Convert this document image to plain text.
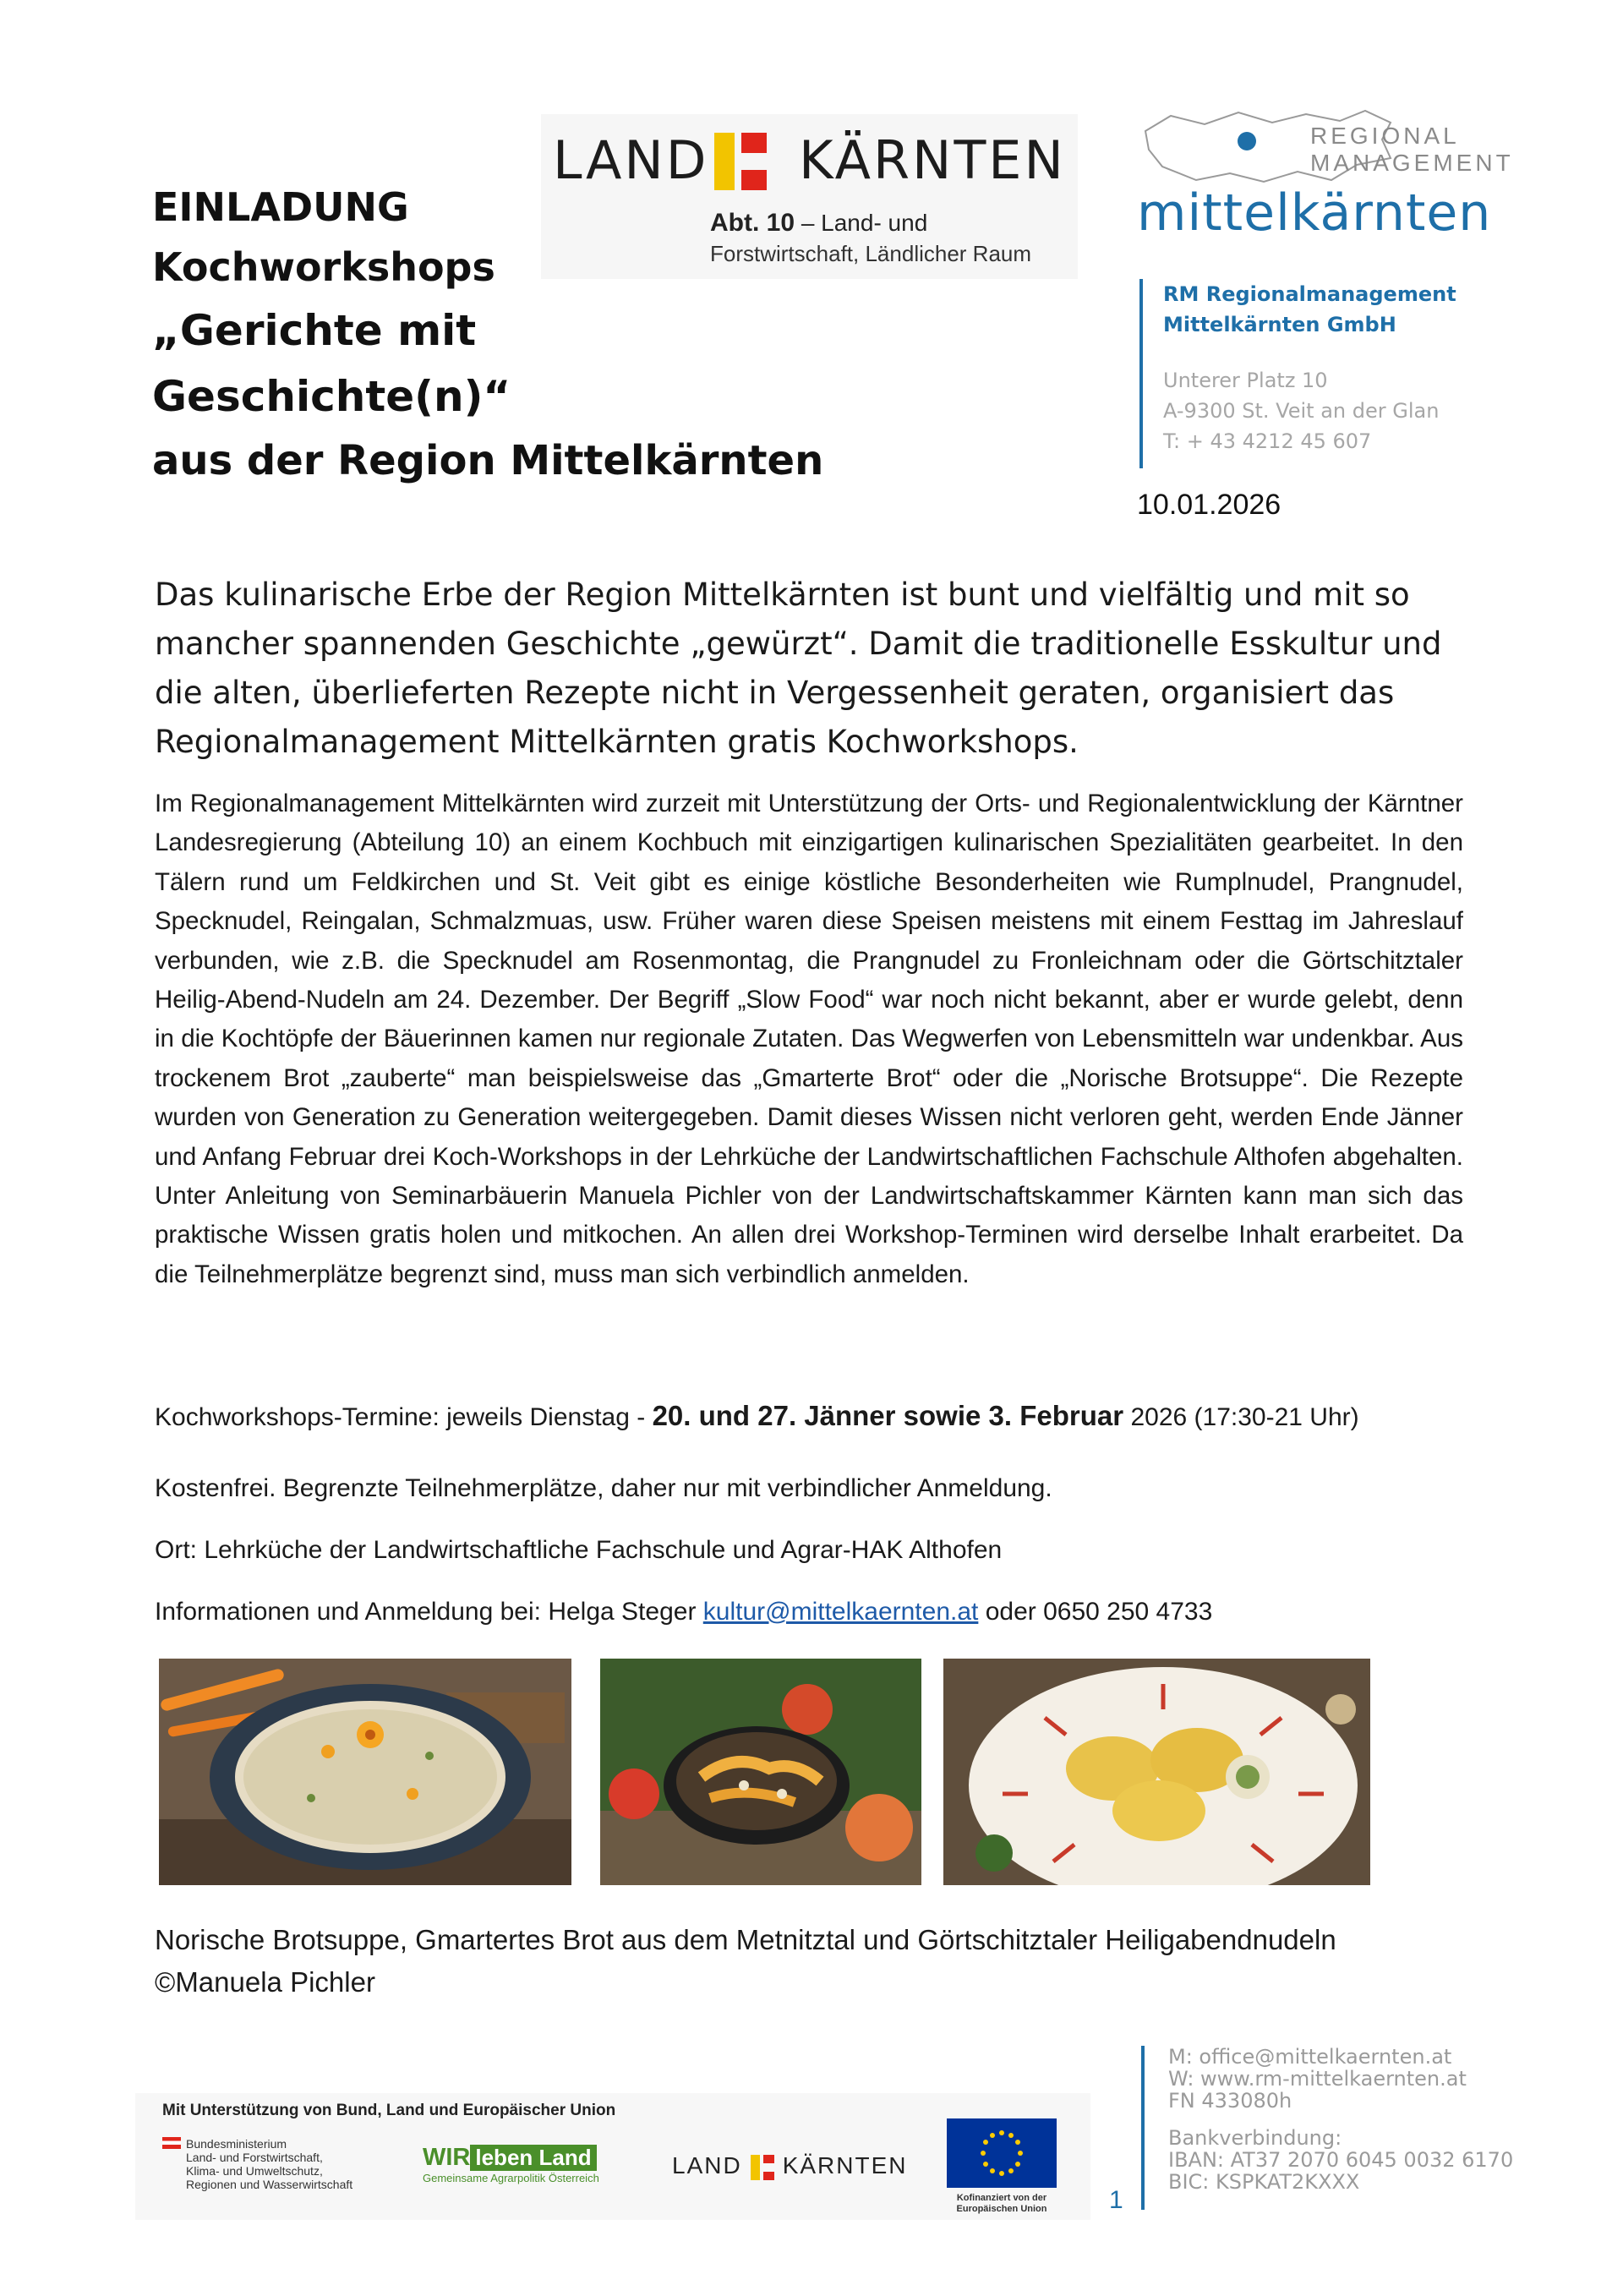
EINLADUNG
Kochworkshops
„Gerichte mit Geschichte(n)“
aus der Region Mittelkärnten
LAND KÄRNTEN
Abt. 10 – Land- und
Forstwirtschaft, Ländlicher Raum
REGIONAL
MANAGEMENT
mittelkärnten
RM Regionalmanagement
Mittelkärnten GmbH
Unterer Platz 10
A-9300 St. Veit an der Glan
T: + 43 4212 45 607
10.01.2026
Das kulinarische Erbe der Region Mittelkärnten ist bunt und vielfältig und mit so mancher spannenden Geschichte „gewürzt“. Damit die traditionelle Esskultur und die alten, überlieferten Rezepte nicht in Vergessenheit geraten, organisiert das Regionalmanagement Mittelkärnten gratis Kochworkshops.
Im Regionalmanagement Mittelkärnten wird zurzeit mit Unterstützung der Orts- und Regionalentwicklung der Kärntner Landesregierung (Abteilung 10) an einem Kochbuch mit einzigartigen kulinarischen Spezialitäten gearbeitet. In den Tälern rund um Feldkirchen und St. Veit gibt es einige köstliche Besonderheiten wie Rumplnudel, Prangnudel, Specknudel, Reingalan, Schmalzmuas, usw. Früher waren diese Speisen meistens mit einem Festtag im Jahreslauf verbunden, wie z.B. die Specknudel am Rosenmontag, die Prangnudel zu Fronleichnam oder die Görtschitztaler Heilig-Abend-Nudeln am 24. Dezember. Der Begriff „Slow Food“ war noch nicht bekannt, aber er wurde gelebt, denn in die Kochtöpfe der Bäuerinnen kamen nur regionale Zutaten. Das Wegwerfen von Lebensmitteln war undenkbar. Aus trockenem Brot „zauberte“ man beispielsweise das „Gmarterte Brot“ oder die „Norische Brotsuppe“. Die Rezepte wurden von Generation zu Generation weitergegeben. Damit dieses Wissen nicht verloren geht, werden Ende Jänner und Anfang Februar drei Koch-Workshops in der Lehrküche der Landwirtschaftlichen Fachschule Althofen abgehalten. Unter Anleitung von Seminarbäuerin Manuela Pichler von der Landwirtschaftskammer Kärnten kann man sich das praktische Wissen gratis holen und mitkochen. An allen drei Workshop-Terminen wird derselbe Inhalt erarbeitet. Da die Teilnehmerplätze begrenzt sind, muss man sich verbindlich anmelden.
Kochworkshops-Termine: jeweils Dienstag - 20. und 27. Jänner sowie 3. Februar 2026 (17:30-21 Uhr)
Kostenfrei. Begrenzte Teilnehmerplätze, daher nur mit verbindlicher Anmeldung.
Ort: Lehrküche der Landwirtschaftliche Fachschule und Agrar-HAK Althofen
Informationen und Anmeldung bei: Helga Steger kultur@mittelkaernten.at oder 0650 250 4733
Norische Brotsuppe, Gmartertes Brot aus dem Metnitztal und Görtschitztaler Heiligabendnudeln
©Manuela Pichler
Mit Unterstützung von Bund, Land und Europäischer Union
Bundesministerium
Land- und Forstwirtschaft,
Klima- und Umweltschutz,
Regionen und Wasserwirtschaft
WIR leben Land
Gemeinsame Agrarpolitik Österreich	LAND KÄRNTEN
Kofinanziert von der
Europäischen Union
M: office@mittelkaernten.at
W: www.rm-mittelkaernten.at
FN 433080h
Bankverbindung:
IBAN: AT37 2070 6045 0032 6170
BIC: KSPKAT2KXXX
1
